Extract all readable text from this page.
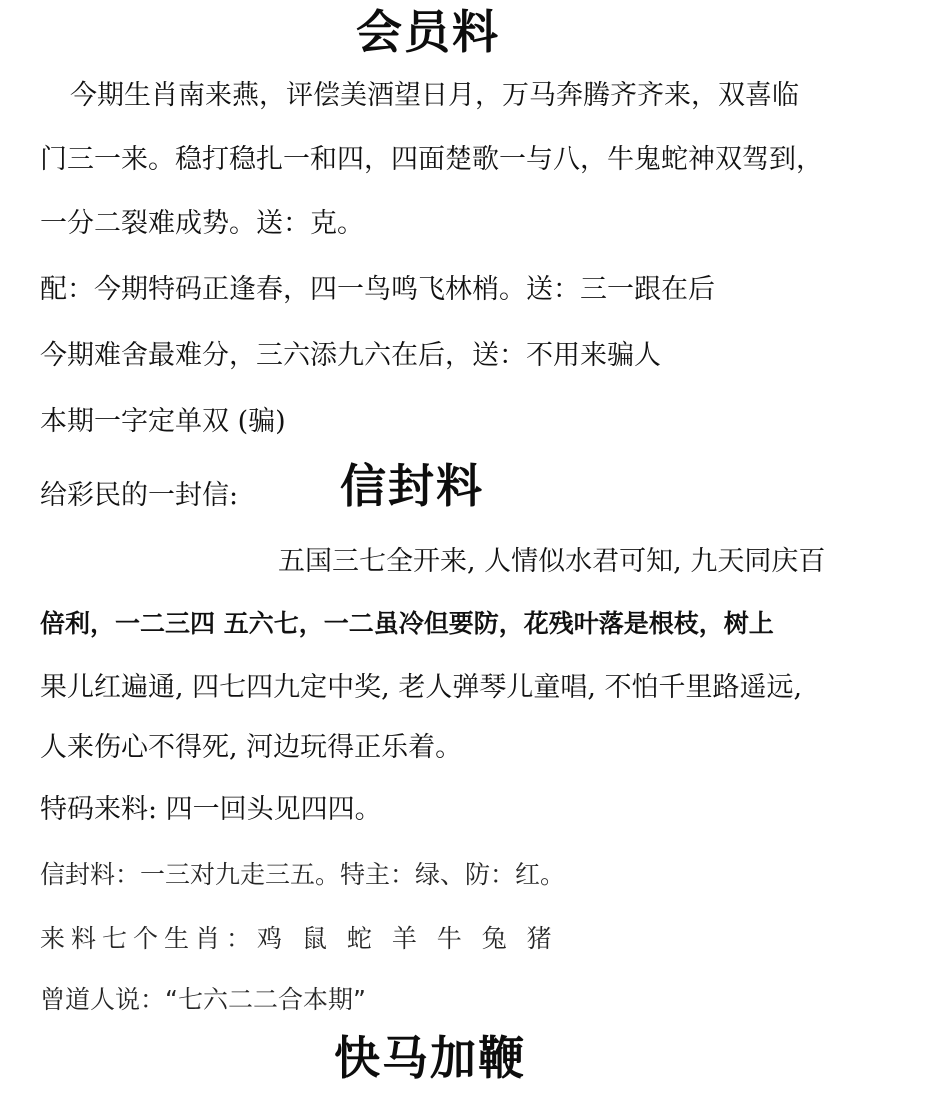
会员料
今期生肖南来燕，评偿美酒望日月，万马奔腾齐齐来，双喜临
门三一来。稳打稳扎一和四，四面楚歌一与八，牛鬼蛇神双驾到，
一分二裂难成势。送：克。
配：今期特码正逢春，四一鸟鸣飞林梢。送：三一跟在后
今期难舍最难分，三六添九六在后，送：不用来骗人
本期一字定单双 (骗)
给彩民的一封信: 信封料
五国三七全开来, 人情似水君可知, 九天同庆百
倍利，一二三四 五六七，一二虽冷但要防，花残叶落是根枝，树上
果儿红遍通, 四七四九定中奖, 老人弹琴儿童唱, 不怕千里路遥远,
人来伤心不得死, 河边玩得正乐着。
特码来料: 四一回头见四四。
信封料：一三对九走三五。特主：绿、防：红。
来料七个生肖：鸡 鼠 蛇 羊 牛 兔 猪
曾道人说：“七六二二合本期”
快马加鞭
